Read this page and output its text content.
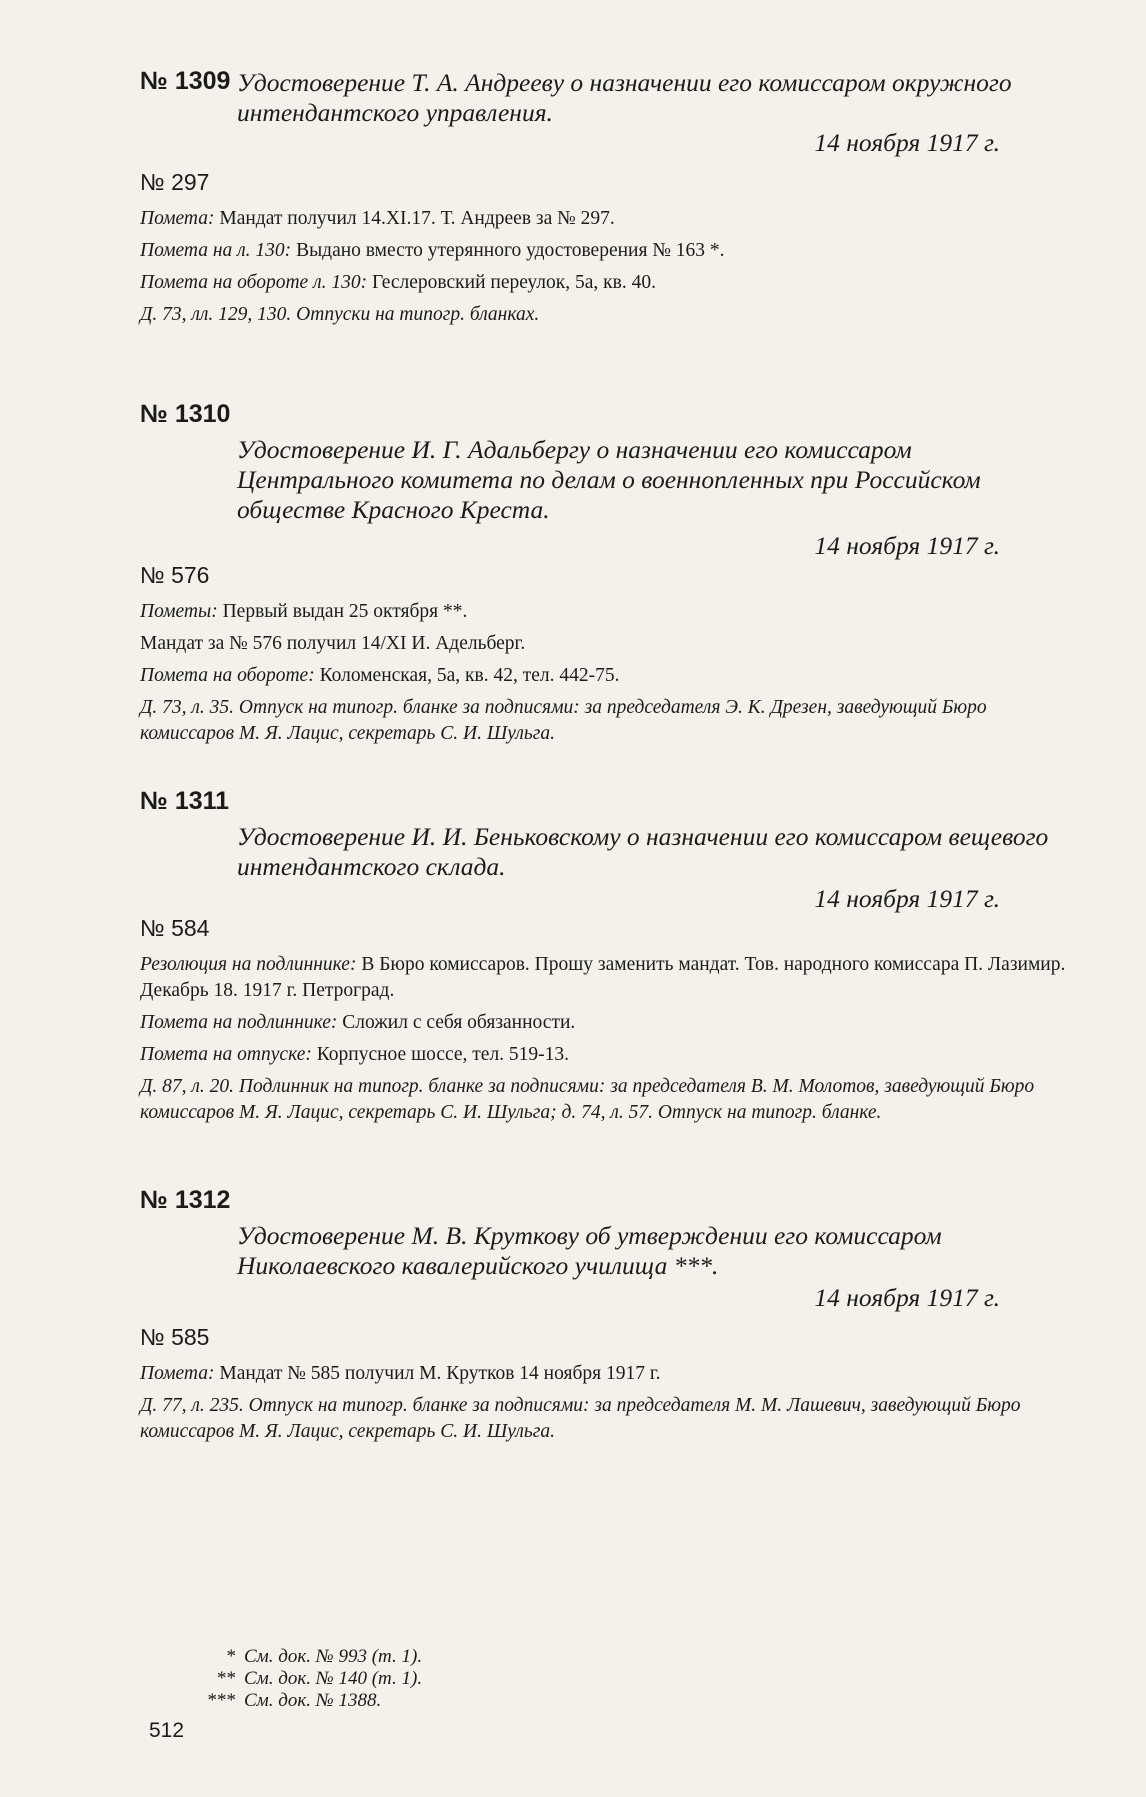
№ 1309 Удостоверение Т. А. Андрееву о назначении его комиссаром окружного интендантского управления.

14 ноября 1917 г.

№ 297

Помета: Мандат получил 14.XI.17. Т. Андреев за № 297.

Помета на л. 130: Выдано вместо утерянного удостоверения № 163 *.

Помета на обороте л. 130: Геслеровский переулок, 5а, кв. 40.

Д. 73, лл. 129, 130. Отпуски на типогр. бланках.

№ 1310

Удостоверение И. Г. Адальбергу о назначении его комиссаром Центрального комитета по делам о военнопленных при Российском обществе Красного Креста.

14 ноября 1917 г.

№ 576

Пометы: Первый выдан 25 октября **.

Мандат за № 576 получил 14/XI И. Адельберг.

Помета на обороте: Коломенская, 5а, кв. 42, тел. 442-75.

Д. 73, л. 35. Отпуск на типогр. бланке за подписями: за председателя Э. К. Дрезен, заведующий Бюро комиссаров М. Я. Лацис, секретарь С. И. Шульга.

№ 1311

Удостоверение И. И. Беньковскому о назначении его комиссаром вещевого интендантского склада.

14 ноября 1917 г.

№ 584

Резолюция на подлиннике: В Бюро комиссаров. Прошу заменить мандат. Тов. народного комиссара П. Лазимир. Декабрь 18. 1917 г. Петроград.

Помета на подлиннике: Сложил с себя обязанности.

Помета на отпуске: Корпусное шоссе, тел. 519-13.

Д. 87, л. 20. Подлинник на типогр. бланке за подписями: за председателя В. М. Молотов, заведующий Бюро комиссаров М. Я. Лацис, секретарь С. И. Шульга; д. 74, л. 57. Отпуск на типогр. бланке.

№ 1312

Удостоверение М. В. Круткову об утверждении его комиссаром Николаевского кавалерийского училища ***.

14 ноября 1917 г.

№ 585

Помета: Мандат № 585 получил М. Крутков 14 ноября 1917 г.

Д. 77, л. 235. Отпуск на типогр. бланке за подписями: за председателя М. М. Лашевич, заведующий Бюро комиссаров М. Я. Лацис, секретарь С. И. Шульга.

* См. док. № 993 (т. 1).

** См. док. № 140 (т. 1).

*** См. док. № 1388.

512
